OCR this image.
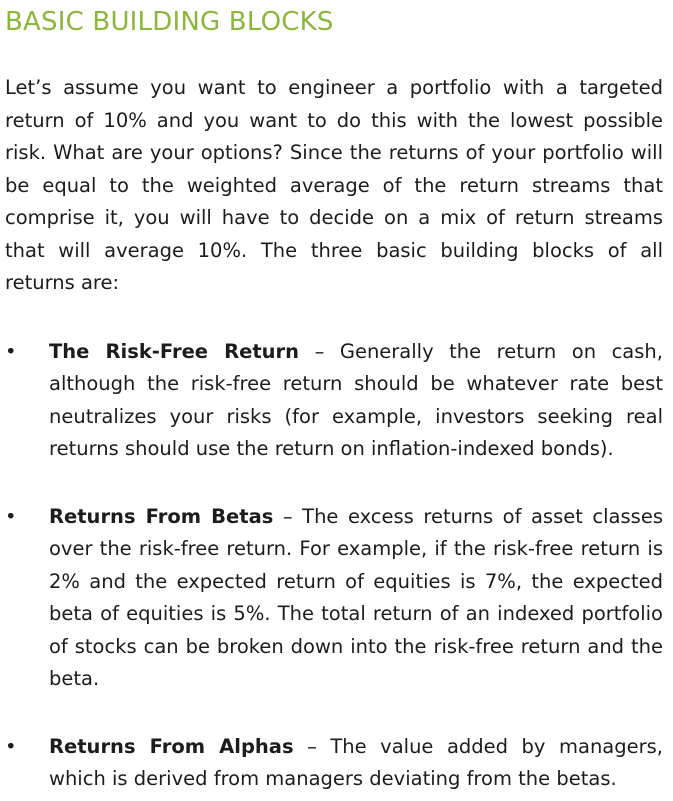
BASIC BUILDING BLOCKS

Let’s assume you want to engineer a portfolio with a targeted return of 10% and you want to do this with the lowest possible risk. What are your options? Since the returns of your portfolio will be equal to the weighted average of the return streams that comprise it, you will have to decide on a mix of return streams that will average 10%. The three basic building blocks of all returns are:

•	The Risk-Free Return – Generally the return on cash, although the risk-free return should be whatever rate best neutralizes your risks (for example, investors seeking real returns should use the return on inflation-indexed bonds).
•	Returns From Betas – The excess returns of asset classes over the risk-free return. For example, if the risk-free return is 2% and the expected return of equities is 7%, the expected beta of equities is 5%. The total return of an indexed portfolio of stocks can be broken down into the risk-free return and the beta.
•	Returns From Alphas – The value added by managers, which is derived from managers deviating from the betas.
